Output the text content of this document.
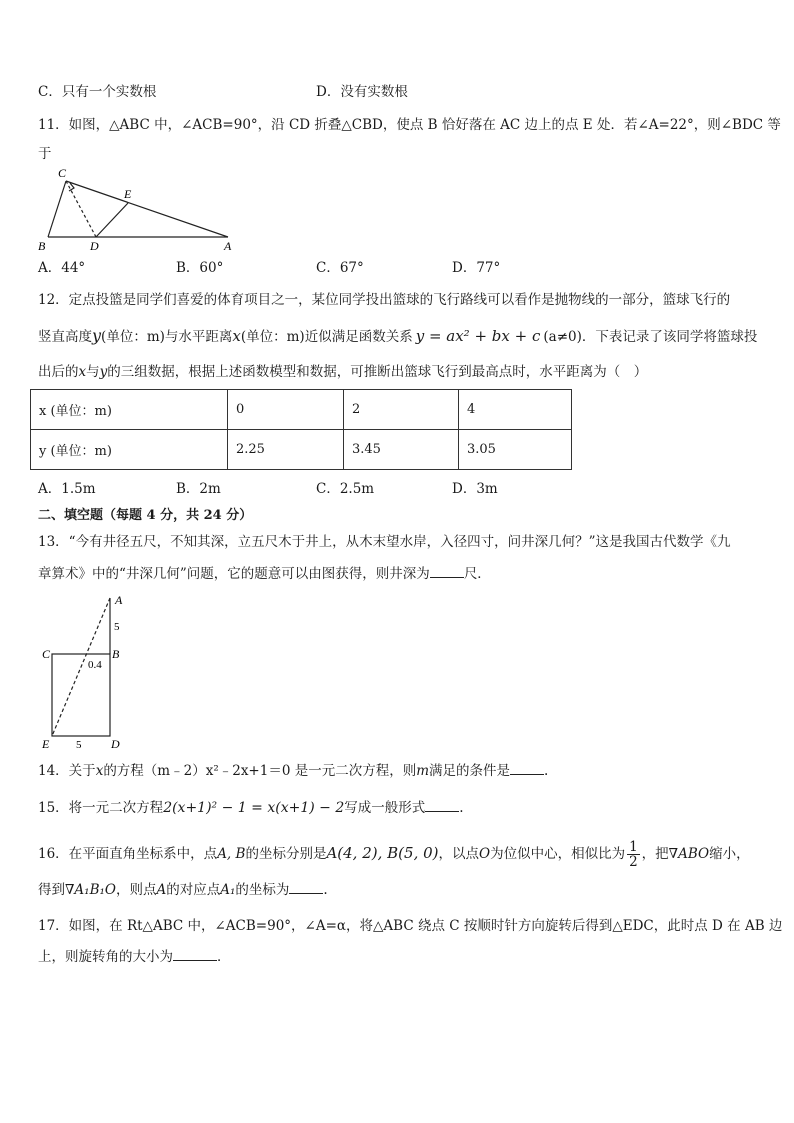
C．只有一个实数根	D．没有实数根
11．如图，△ABC 中，∠ACB=90°，沿 CD 折叠△CBD，使点 B 恰好落在 AC 边上的点 E 处．若∠A=22°，则∠BDC 等
于
C
E
B	D	A
A．44°	B．60°	C．67°	D．77°
12．定点投篮是同学们喜爱的体育项目之一，某位同学投出篮球的飞行路线可以看作是抛物线的一部分，篮球飞行的
竖直高度y(单位：m)与水平距离x(单位：m)近似满足函数关系 y = ax² + bx + c (a≠0)．下表记录了该同学将篮球投
出后的x与y的三组数据，根据上述函数模型和数据，可推断出篮球飞行到最高点时，水平距离为（　）
x (单位：m)	0	2	4
y (单位：m)	2.25	3.45	3.05
A．1.5m	B．2m	C．2.5m	D．3m
二、填空题（每题 4 分，共 24 分）
13．“今有井径五尺，不知其深，立五尺木于井上，从木末望水岸，入径四寸，问井深几何？”这是我国古代数学《九
章算术》中的“井深几何”问题，它的题意可以由图获得，则井深为	尺．
A
5
C	B
0.4
E 5 D
14．关于x的方程（m﹣2）x²﹣2x+1＝0 是一元二次方程，则m满足的条件是	.
15．将一元二次方程2(x+1)² − 1 = x(x+1) − 2写成一般形式	.
16．在平面直角坐标系中，点A, B的坐标分别是A(4, 2), B(5, 0)，以点O为位似中心，相似比为 $\frac{1}{2}$ ，把∇ABO缩小，
得到∇A₁B₁O，则点A的对应点A₁的坐标为	.
17．如图，在 Rt△ABC 中，∠ACB=90°，∠A=α，将△ABC 绕点 C 按顺时针方向旋转后得到△EDC，此时点 D 在 AB 边
上，则旋转角的大小为	．
